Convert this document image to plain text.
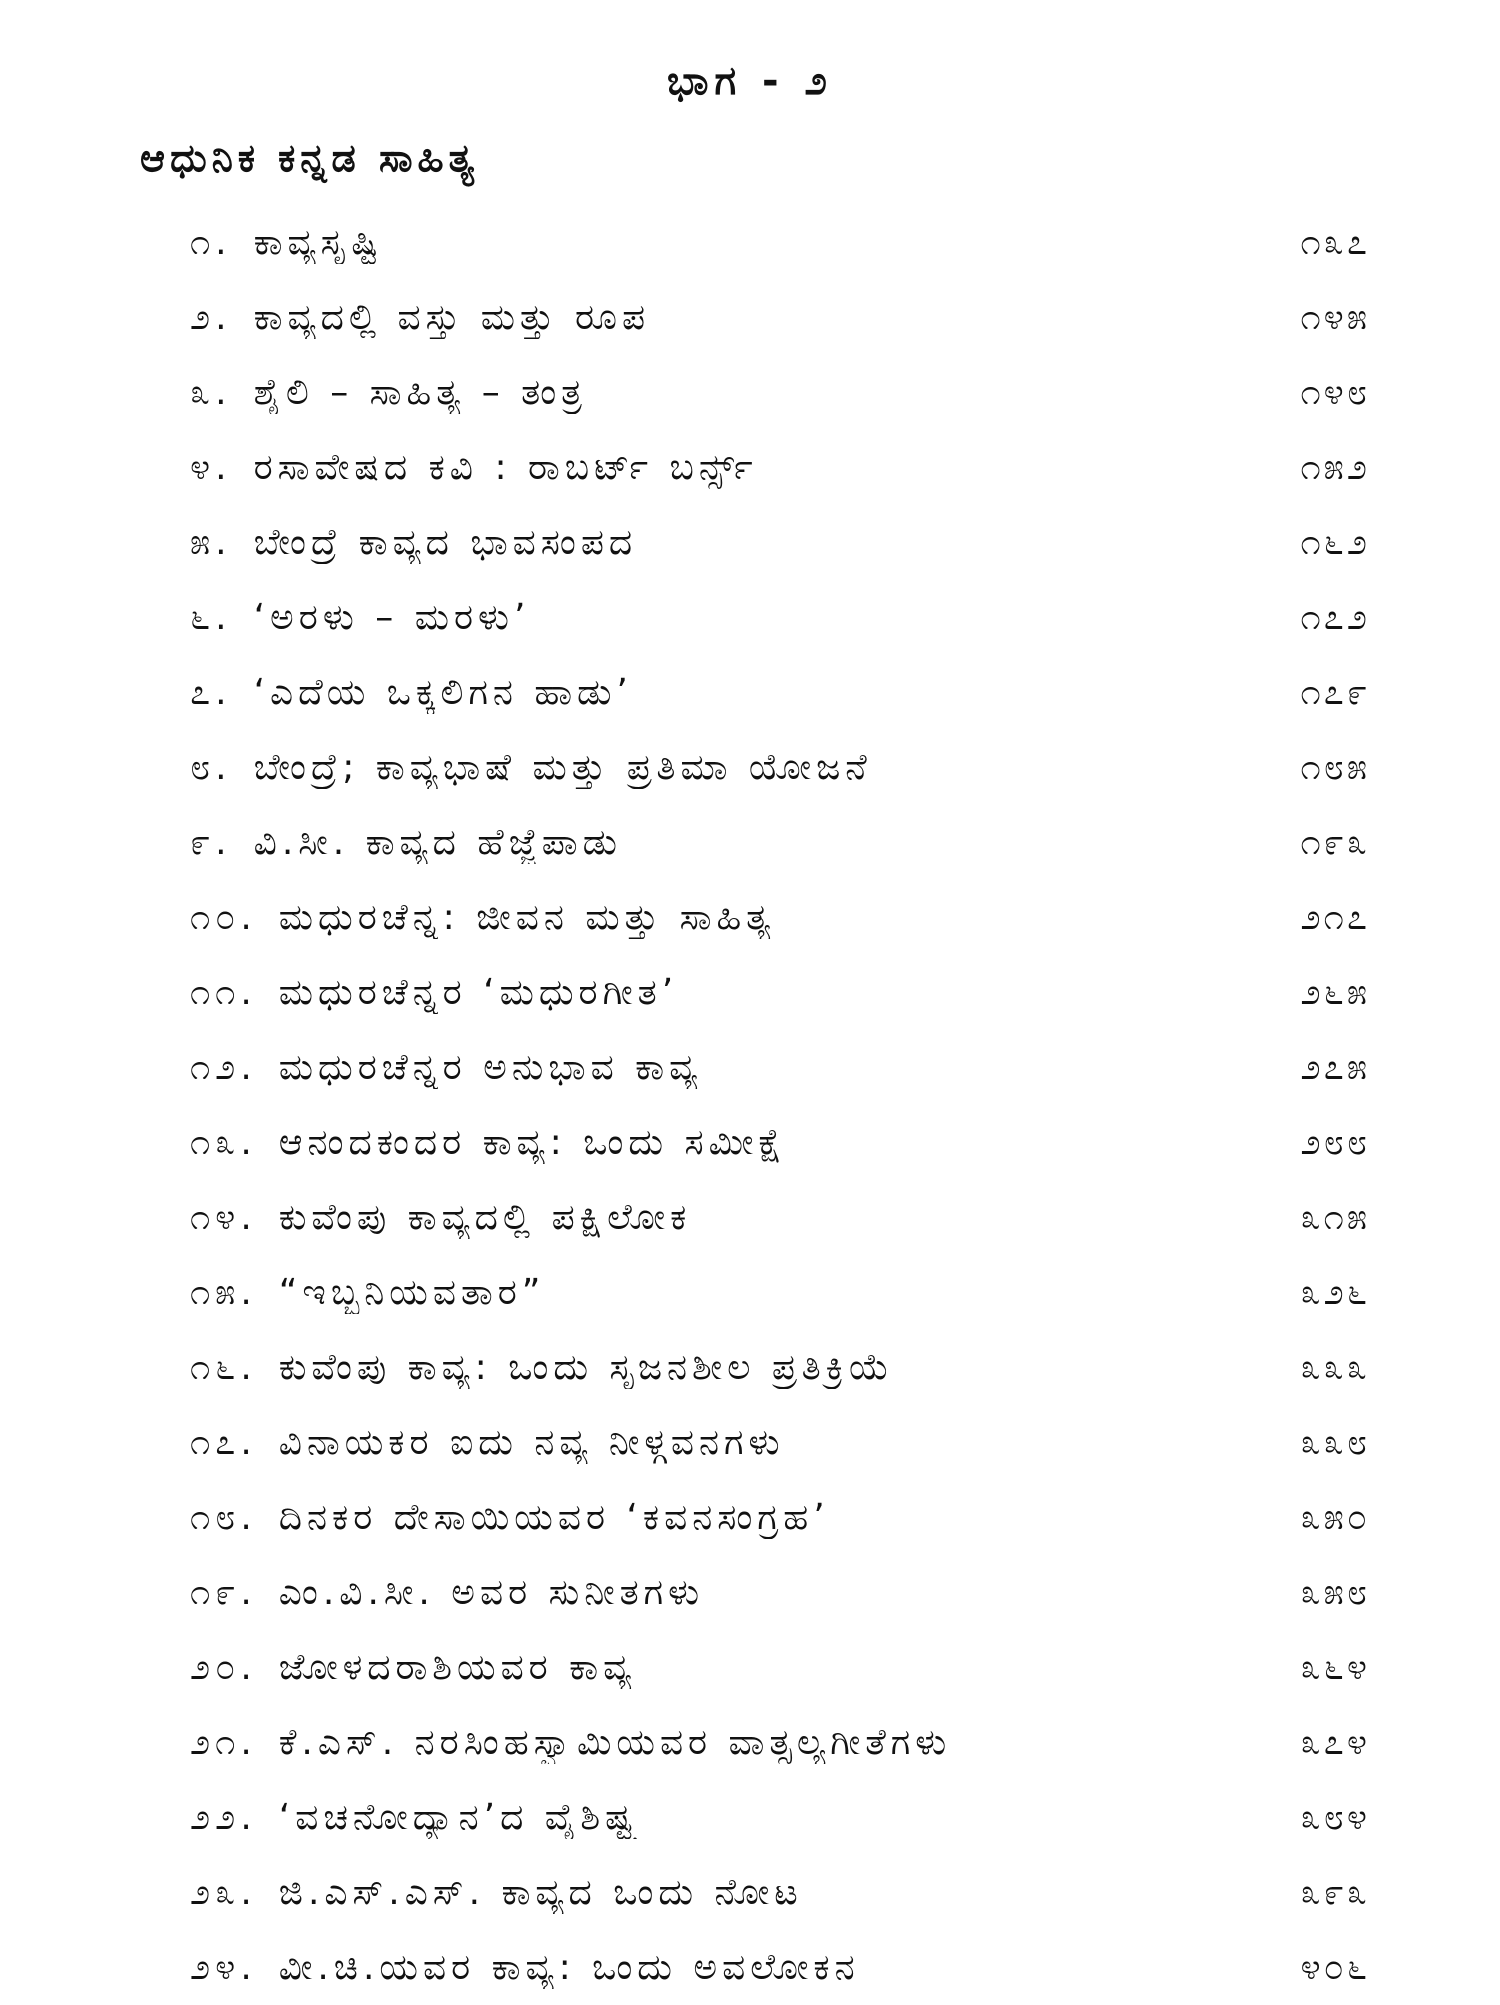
ಭಾಗ - ೨
ಆಧುನಿಕ ಕನ್ನಡ ಸಾಹಿತ್ಯ
೧. ಕಾವ್ಯಸೃಷ್ಟಿ	೧೩೭
೨. ಕಾವ್ಯದಲ್ಲಿ ವಸ್ತು ಮತ್ತು ರೂಪ	೧೪೫
೩. ಶೈಲಿ – ಸಾಹಿತ್ಯ – ತಂತ್ರ	೧೪೮
೪. ರಸಾವೇಷದ ಕವಿ : ರಾಬರ್ಟ್ ಬರ್ನ್ಸ್	೧೫೨
೫. ಬೇಂದ್ರೆ ಕಾವ್ಯದ ಭಾವಸಂಪದ	೧೬೨
೬. ‘ಅರಳು – ಮರಳು’	೧೭೨
೭. ‘ಎದೆಯ ಒಕ್ಕಲಿಗನ ಹಾಡು’	೧೭೯
೮. ಬೇಂದ್ರೆ; ಕಾವ್ಯಭಾಷೆ ಮತ್ತು ಪ್ರತಿಮಾ ಯೋಜನೆ	೧೮೫
೯. ವಿ.ಸೀ. ಕಾವ್ಯದ ಹೆಜ್ಜೆಪಾಡು	೧೯೩
೧೦. ಮಧುರಚೆನ್ನ: ಜೀವನ ಮತ್ತು ಸಾಹಿತ್ಯ	೨೧೭
೧೧. ಮಧುರಚೆನ್ನರ ‘ಮಧುರಗೀತ’	೨೬೫
೧೨. ಮಧುರಚೆನ್ನರ ಅನುಭಾವ ಕಾವ್ಯ	೨೭೫
೧೩. ಆನಂದಕಂದರ ಕಾವ್ಯ: ಒಂದು ಸಮೀಕ್ಷೆ	೨೮೮
೧೪. ಕುವೆಂಪು ಕಾವ್ಯದಲ್ಲಿ ಪಕ್ಷಿಲೋಕ	೩೧೫
೧೫. “ಇಬ್ಬನಿಯವತಾರ”	೩೨೬
೧೬. ಕುವೆಂಪು ಕಾವ್ಯ: ಒಂದು ಸೃಜನಶೀಲ ಪ್ರತಿಕ್ರಿಯೆ	೩೩೩
೧೭. ವಿನಾಯಕರ ಐದು ನವ್ಯ ನೀಳ್ಗವನಗಳು	೩೩೮
೧೮. ದಿನಕರ ದೇಸಾಯಿಯವರ ‘ಕವನಸಂಗ್ರಹ’	೩೫೦
೧೯. ಎಂ.ವಿ.ಸೀ. ಅವರ ಸುನೀತಗಳು	೩೫೮
೨೦. ಜೋಳದರಾಶಿಯವರ ಕಾವ್ಯ	೩೬೪
೨೧. ಕೆ.ಎಸ್. ನರಸಿಂಹಸ್ವಾಮಿಯವರ ವಾತ್ಸಲ್ಯಗೀತೆಗಳು	೩೭೪
೨೨. ‘ವಚನೋದ್ಯಾನ’ದ ವೈಶಿಷ್ಟ್ಯ	೩೮೪
೨೩. ಜಿ.ಎಸ್.ಎಸ್. ಕಾವ್ಯದ ಒಂದು ನೋಟ	೩೯೩
೨೪. ವೀ.ಚಿ.ಯವರ ಕಾವ್ಯ: ಒಂದು ಅವಲೋಕನ	೪೦೬
